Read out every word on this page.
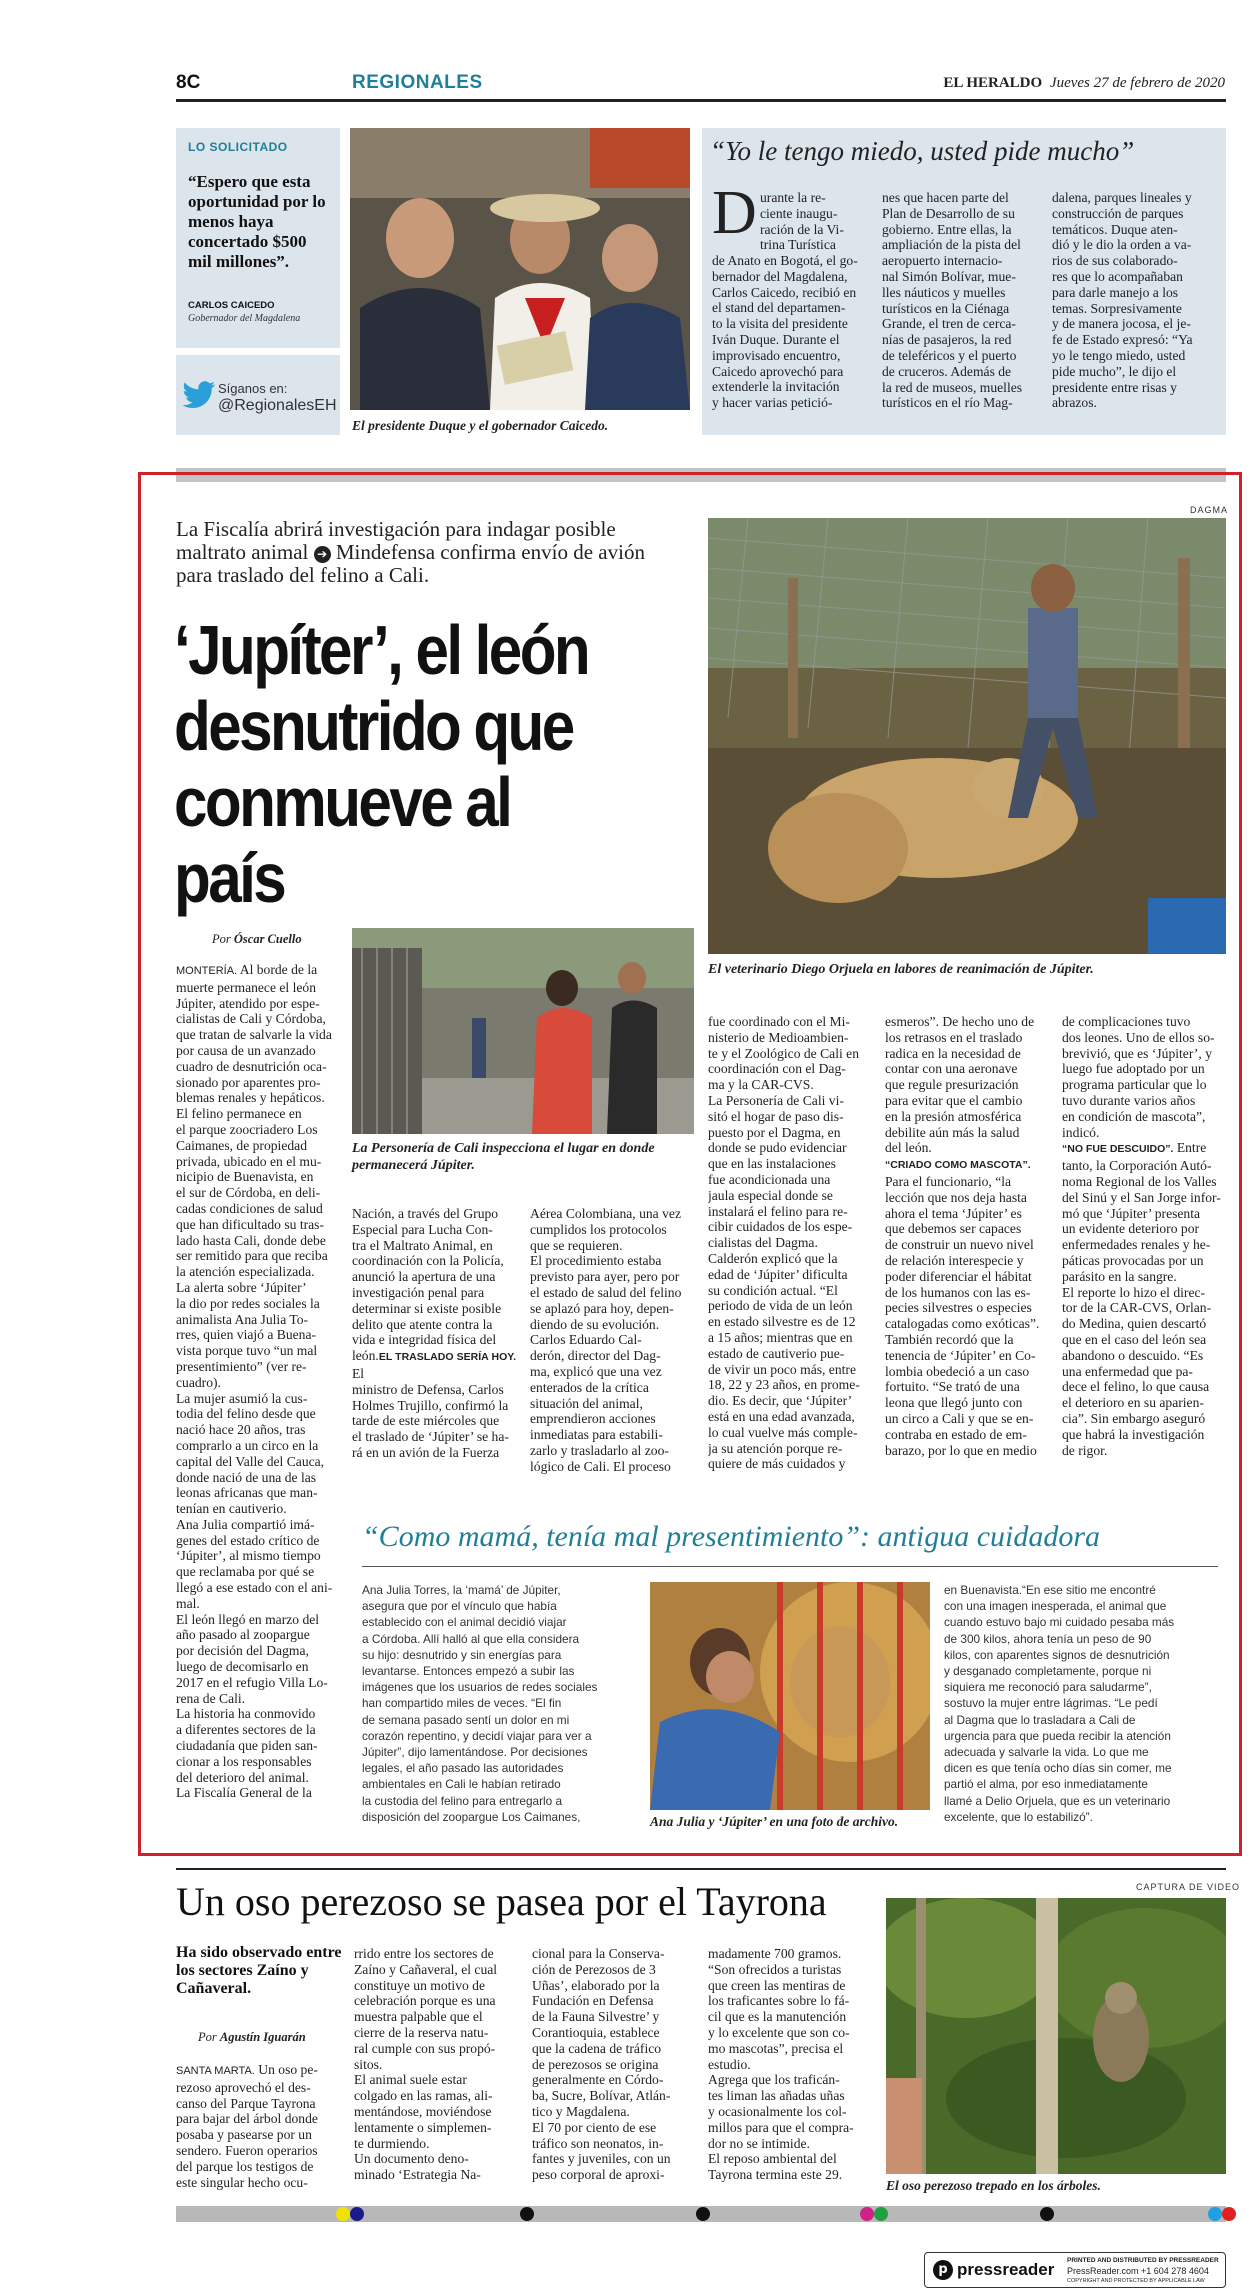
8C	REGIONALES	EL HERALDO Jueves 27 de febrero de 2020
LO SOLICITADO
“Espero que esta oportunidad por lo menos haya concertado $500 mil millones”.
CARLOS CAICEDO
Gobernador del Magdalena
Síganos en:
@RegionalesEH
El presidente Duque y el gobernador Caicedo.
“Yo le tengo miedo, usted pide mucho”
D urante la re-
ciente inaugu-
ración de la Vi-
trina Turística
de Anato en Bogotá, el go-
bernador del Magdalena,
Carlos Caicedo, recibió en
el stand del departamen-
to la visita del presidente
Iván Duque. Durante el
improvisado encuentro,
Caicedo aprovechó para
extenderle la invitación
y hacer varias petició-
nes que hacen parte del
Plan de Desarrollo de su
gobierno. Entre ellas, la
ampliación de la pista del
aeropuerto internacio-
nal Simón Bolívar, mue-
lles náuticos y muelles
turísticos en la Ciénaga
Grande, el tren de cerca-
nías de pasajeros, la red
de teleféricos y el puerto
de cruceros. Además de
la red de museos, muelles
turísticos en el río Mag-
dalena, parques lineales y
construcción de parques
temáticos. Duque aten-
dió y le dio la orden a va-
rios de sus colaborado-
res que lo acompañaban
para darle manejo a los
temas. Sorpresivamente
y de manera jocosa, el je-
fe de Estado expresó: “Ya
yo le tengo miedo, usted
pide mucho”, le dijo el
presidente entre risas y
abrazos.
DAGMA
La Fiscalía abrirá investigación para indagar posible maltrato animal ➔ Mindefensa confirma envío de avión para traslado del felino a Cali.
‘Jupíter’, el león desnutrido que conmueve al país
El veterinario Diego Orjuela en labores de reanimación de Júpiter.
Por Óscar Cuello
La Personería de Cali inspecciona el lugar en donde permanecerá Júpiter.
MONTERÍA. Al borde de la
muerte permanece el león
Júpiter, atendido por espe-
cialistas de Cali y Córdoba,
que tratan de salvarle la vida
por causa de un avanzado
cuadro de desnutrición oca-
sionado por aparentes pro-
blemas renales y hepáticos.
El felino permanece en
el parque zoocriadero Los
Caimanes, de propiedad
privada, ubicado en el mu-
nicipio de Buenavista, en
el sur de Córdoba, en deli-
cadas condiciones de salud
que han dificultado su tras-
lado hasta Cali, donde debe
ser remitido para que reciba
la atención especializada.
La alerta sobre ‘Júpiter’
la dio por redes sociales la
animalista Ana Julia To-
rres, quien viajó a Buena-
vista porque tuvo “un mal
presentimiento” (ver re-
cuadro).
La mujer asumió la cus-
todia del felino desde que
nació hace 20 años, tras
comprarlo a un circo en la
capital del Valle del Cauca,
donde nació de una de las
leonas africanas que man-
tenían en cautiverio.
Ana Julia compartió imá-
genes del estado crítico de
‘Júpiter’, al mismo tiempo
que reclamaba por qué se
llegó a ese estado con el ani-
mal.
El león llegó en marzo del
año pasado al zoopargue
por decisión del Dagma,
luego de decomisarlo en
2017 en el refugio Villa Lo-
rena de Cali.
La historia ha conmovido
a diferentes sectores de la
ciudadanía que piden san-
cionar a los responsables
del deterioro del animal.
La Fiscalía General de la
Nación, a través del Grupo
Especial para Lucha Con-
tra el Maltrato Animal, en
coordinación con la Policía,
anunció la apertura de una
investigación penal para
determinar si existe posible
delito que atente contra la
vida e integridad física del
león.EL TRASLADO SERÍA HOY. El
ministro de Defensa, Carlos
Holmes Trujillo, confirmó la
tarde de este miércoles que
el traslado de ‘Júpiter’ se ha-
rá en un avión de la Fuerza
Aérea Colombiana, una vez
cumplidos los protocolos
que se requieren.
El procedimiento estaba
previsto para ayer, pero por
el estado de salud del felino
se aplazó para hoy, depen-
diendo de su evolución.
Carlos Eduardo Cal-
derón, director del Dag-
ma, explicó que una vez
enterados de la crítica
situación del animal,
emprendieron acciones
inmediatas para estabili-
zarlo y trasladarlo al zoo-
lógico de Cali. El proceso
fue coordinado con el Mi-
nisterio de Medioambien-
te y el Zoológico de Cali en
coordinación con el Dag-
ma y la CAR-CVS.
La Personería de Cali vi-
sitó el hogar de paso dis-
puesto por el Dagma, en
donde se pudo evidenciar
que en las instalaciones
fue acondicionada una
jaula especial donde se
instalará el felino para re-
cibir cuidados de los espe-
cialistas del Dagma.
Calderón explicó que la
edad de ‘Júpiter’ dificulta
su condición actual. “El
periodo de vida de un león
en estado silvestre es de 12
a 15 años; mientras que en
estado de cautiverio pue-
de vivir un poco más, entre
18, 22 y 23 años, en prome-
dio. Es decir, que ‘Júpiter’
está en una edad avanzada,
lo cual vuelve más comple-
ja su atención porque re-
quiere de más cuidados y
esmeros”. De hecho uno de
los retrasos en el traslado
radica en la necesidad de
contar con una aeronave
que regule presurización
para evitar que el cambio
en la presión atmosférica
debilite aún más la salud
del león.
“CRIADO COMO MASCOTA”.
Para el funcionario, “la
lección que nos deja hasta
ahora el tema ‘Júpiter’ es
que debemos ser capaces
de construir un nuevo nivel
de relación interespecie y
poder diferenciar el hábitat
de los humanos con las es-
pecies silvestres o especies
catalogadas como exóticas”.
También recordó que la
tenencia de ‘Júpiter’ en Co-
lombia obedeció a un caso
fortuito. “Se trató de una
leona que llegó junto con
un circo a Cali y que se en-
contraba en estado de em-
barazo, por lo que en medio
de complicaciones tuvo
dos leones. Uno de ellos so-
brevivió, que es ‘Júpiter’, y
luego fue adoptado por un
programa particular que lo
tuvo durante varios años
en condición de mascota”,
indicó.
“NO FUE DESCUIDO”. Entre
tanto, la Corporación Autó-
noma Regional de los Valles
del Sinú y el San Jorge infor-
mó que ‘Júpiter’ presenta
un evidente deterioro por
enfermedades renales y he-
páticas provocadas por un
parásito en la sangre.
El reporte lo hizo el direc-
tor de la CAR-CVS, Orlan-
do Medina, quien descartó
que en el caso del león sea
abandono o descuido. “Es
una enfermedad que pa-
dece el felino, lo que causa
el deterioro en su aparien-
cia”. Sin embargo aseguró
que habrá la investigación
de rigor.
“Como mamá, tenía mal presentimiento”: antigua cuidadora
Ana Julia Torres, la ‘mamá’ de Júpiter,
asegura que por el vínculo que había
establecido con el animal decidió viajar
a Córdoba. Allí halló al que ella considera
su hijo: desnutrido y sin energías para
levantarse. Entonces empezó a subir las
imágenes que los usuarios de redes sociales
han compartido miles de veces. “El fin
de semana pasado sentí un dolor en mi
corazón repentino, y decidí viajar para ver a
Júpiter”, dijo lamentándose. Por decisiones
legales, el año pasado las autoridades
ambientales en Cali le habían retirado
la custodia del felino para entregarlo a
disposición del zoopargue Los Caimanes,	Ana Julia y ‘Júpiter’ en una foto de archivo.
en Buenavista.“En ese sitio me encontré
con una imagen inesperada, el animal que
cuando estuvo bajo mi cuidado pesaba más
de 300 kilos, ahora tenía un peso de 90
kilos, con aparentes signos de desnutrición
y desganado completamente, porque ni
siquiera me reconoció para saludarme”,
sostuvo la mujer entre lágrimas. “Le pedí
al Dagma que lo trasladara a Cali de
urgencia para que pueda recibir la atención
adecuada y salvarle la vida. Lo que me
dicen es que tenía ocho días sin comer, me
partió el alma, por eso inmediatamente
llamé a Delio Orjuela, que es un veterinario
excelente, que lo estabilizó”.
CAPTURA DE VIDEO
Un oso perezoso se pasea por el Tayrona
Ha sido observado entre los sectores Zaíno y Cañaveral.
Por Agustín Iguarán
SANTA MARTA. Un oso pe-
rezoso aprovechó el des-
canso del Parque Tayrona
para bajar del árbol donde
posaba y pasearse por un
sendero. Fueron operarios
del parque los testigos de
este singular hecho ocu-
rrido entre los sectores de
Zaíno y Cañaveral, el cual
constituye un motivo de
celebración porque es una
muestra palpable que el
cierre de la reserva natu-
ral cumple con sus propó-
sitos.
El animal suele estar
colgado en las ramas, ali-
mentándose, moviéndose
lentamente o simplemen-
te durmiendo.
Un documento deno-
minado ‘Estrategia Na-
cional para la Conserva-
ción de Perezosos de 3
Uñas’, elaborado por la
Fundación en Defensa
de la Fauna Silvestre’ y
Corantioquia, establece
que la cadena de tráfico
de perezosos se origina
generalmente en Córdo-
ba, Sucre, Bolívar, Atlán-
tico y Magdalena.
El 70 por ciento de ese
tráfico son neonatos, in-
fantes y juveniles, con un
peso corporal de aproxi-
madamente 700 gramos.
“Son ofrecidos a turistas
que creen las mentiras de
los traficantes sobre lo fá-
cil que es la manutención
y lo excelente que son co-
mo mascotas”, precisa el
estudio.
Agrega que los traficán-
tes liman las añadas uñas
y ocasionalmente los col-
millos para que el compra-
dor no se intimide.
El reposo ambiental del
Tayrona termina este 29.
El oso perezoso trepado en los árboles.
p pressreader PRINTED AND DISTRIBUTED BY PRESSREADER
PressReader.com +1 604 278 4604
COPYRIGHT AND PROTECTED BY APPLICABLE LAW
